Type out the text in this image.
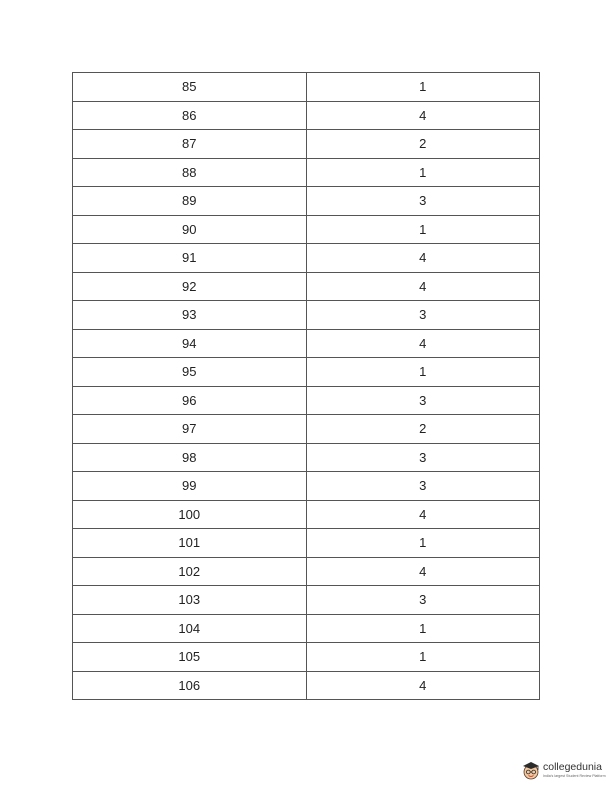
85	1
86	4
87	2
88	1
89	3
90	1
91	4
92	4
93	3
94	4
95	1
96	3
97	2
98	3
99	3
100	4
101	1
102	4
103	3
104	1
105	1
106	4
collegedunia
India's largest Student Review Platform
